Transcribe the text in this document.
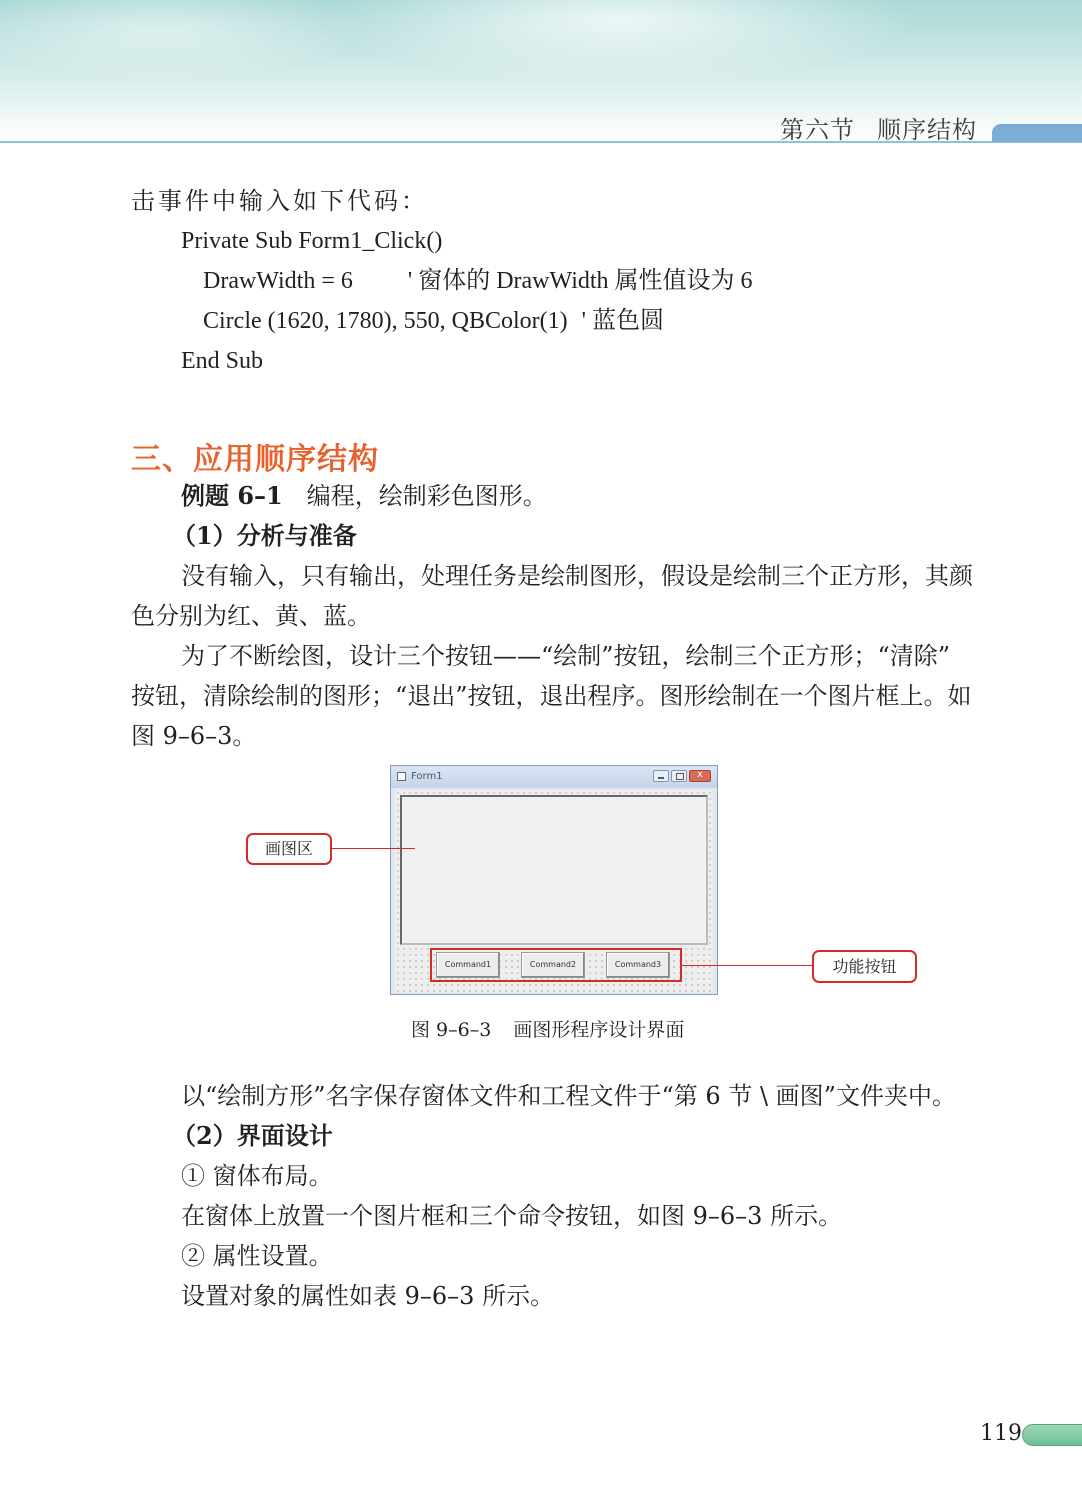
第六节 顺序结构
击事件中输入如下代码：
Private Sub Form1_Click()
DrawWidth = 6 ' 窗体的 DrawWidth 属性值设为 6
Circle (1620, 1780), 550, QBColor(1) ' 蓝色圆
End Sub
三、应用顺序结构
例题 6–1 编程，绘制彩色图形。
（1）分析与准备
没有输入，只有输出，处理任务是绘制图形，假设是绘制三个正方形，其颜
色分别为红、黄、蓝。
为了不断绘图，设计三个按钮——“绘制”按钮，绘制三个正方形；“清除”
按钮，清除绘制的图形；“退出”按钮，退出程序。图形绘制在一个图片框上。如
图 9–6–3。
Form1
x
Command1	Command2	Command3
画图区
功能按钮
图 9–6–3 画图形程序设计界面
以“绘制方形”名字保存窗体文件和工程文件于“第 6 节 \ 画图”文件夹中。
（2）界面设计
① 窗体布局。
在窗体上放置一个图片框和三个命令按钮，如图 9–6–3 所示。
② 属性设置。
设置对象的属性如表 9–6–3 所示。
119
